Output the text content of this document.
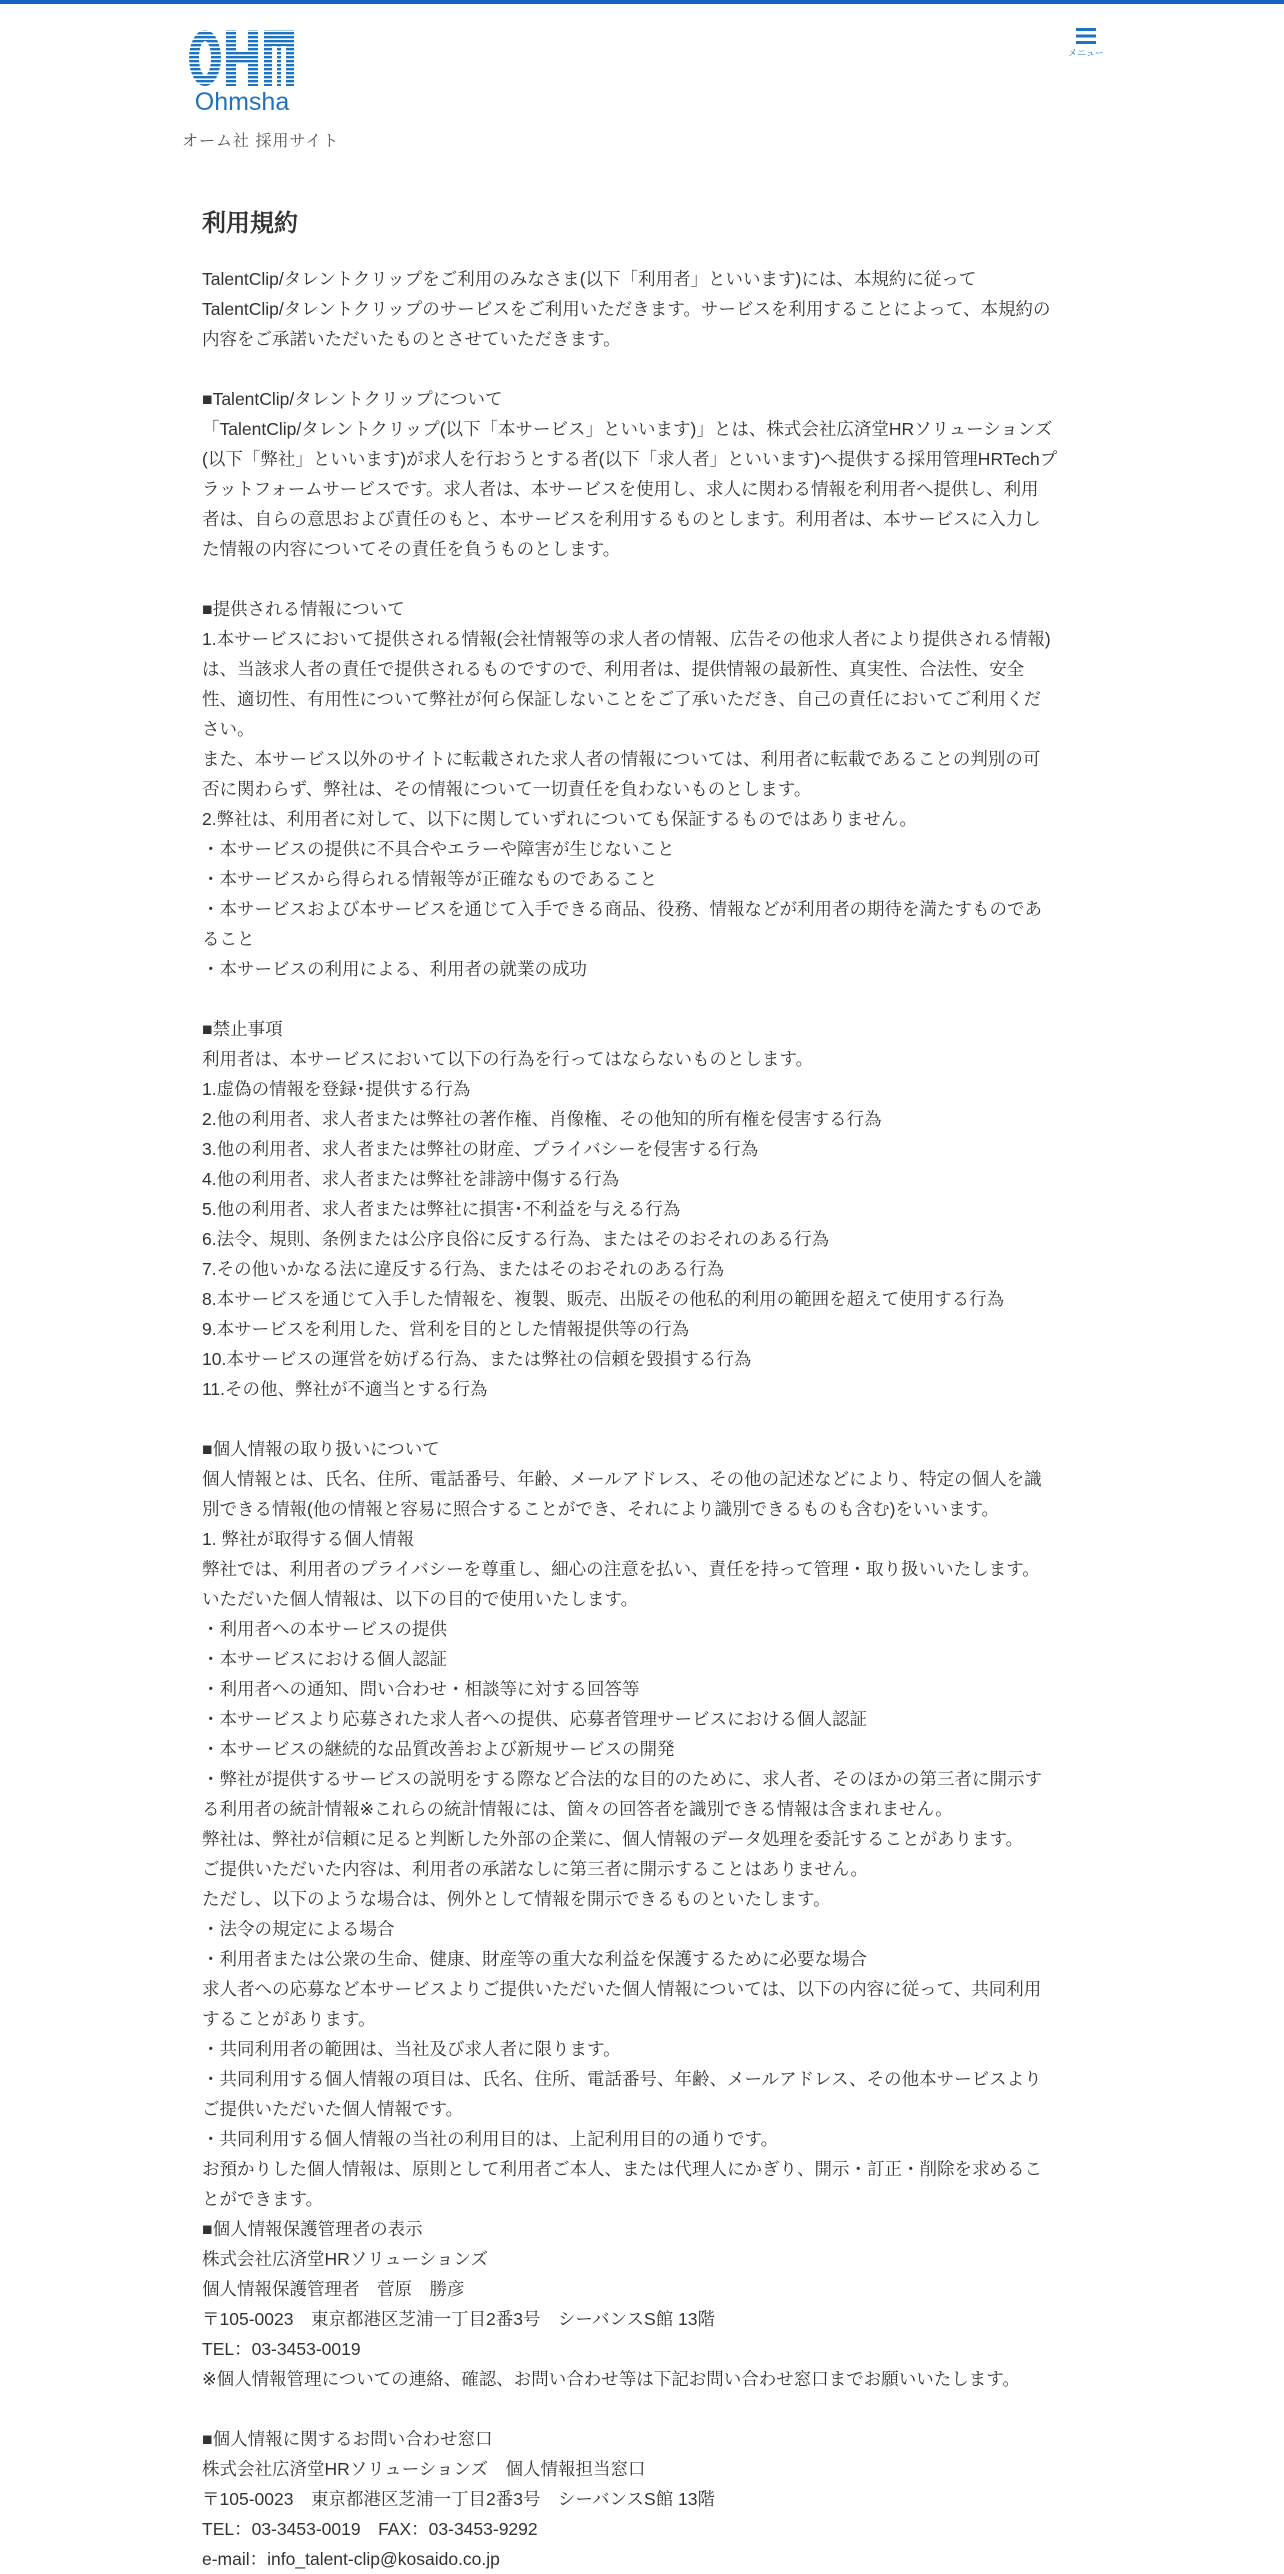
Ohmsha
オーム社 採用サイト
メニュー
利用規約
TalentClip/タレントクリップをご利用のみなさま(以下「利用者」といいます)には、本規約に従って
TalentClip/タレントクリップのサービスをご利用いただきます。サービスを利用することによって、本規約の
内容をご承諾いただいたものとさせていただきます。
■TalentClip/タレントクリップについて
「TalentClip/タレントクリップ(以下「本サービス」といいます)」とは、株式会社広済堂HRソリューションズ
(以下「弊社」といいます)が求人を行おうとする者(以下「求人者」といいます)へ提供する採用管理HRTechプ
ラットフォームサービスです。求人者は、本サービスを使用し、求人に関わる情報を利用者へ提供し、利用
者は、自らの意思および責任のもと、本サービスを利用するものとします。利用者は、本サービスに入力し
た情報の内容についてその責任を負うものとします。
■提供される情報について
1.本サービスにおいて提供される情報(会社情報等の求人者の情報、広告その他求人者により提供される情報)
は、当該求人者の責任で提供されるものですので、利用者は、提供情報の最新性、真実性、合法性、安全
性、適切性、有用性について弊社が何ら保証しないことをご了承いただき、自己の責任においてご利用くだ
さい。
また、本サービス以外のサイトに転載された求人者の情報については、利用者に転載であることの判別の可
否に関わらず、弊社は、その情報について一切責任を負わないものとします。
2.弊社は、利用者に対して、以下に関していずれについても保証するものではありません。
・本サービスの提供に不具合やエラーや障害が生じないこと
・本サービスから得られる情報等が正確なものであること
・本サービスおよび本サービスを通じて入手できる商品、役務、情報などが利用者の期待を満たすものであ
ること
・本サービスの利用による、利用者の就業の成功
■禁止事項
利用者は、本サービスにおいて以下の行為を行ってはならないものとします。
1.虚偽の情報を登録･提供する行為
2.他の利用者、求人者または弊社の著作権、肖像権、その他知的所有権を侵害する行為
3.他の利用者、求人者または弊社の財産、プライバシーを侵害する行為
4.他の利用者、求人者または弊社を誹謗中傷する行為
5.他の利用者、求人者または弊社に損害･不利益を与える行為
6.法令、規則、条例または公序良俗に反する行為、またはそのおそれのある行為
7.その他いかなる法に違反する行為、またはそのおそれのある行為
8.本サービスを通じて入手した情報を、複製、販売、出版その他私的利用の範囲を超えて使用する行為
9.本サービスを利用した、営利を目的とした情報提供等の行為
10.本サービスの運営を妨げる行為、または弊社の信頼を毀損する行為
11.その他、弊社が不適当とする行為
■個人情報の取り扱いについて
個人情報とは、氏名、住所、電話番号、年齢、メールアドレス、その他の記述などにより、特定の個人を識
別できる情報(他の情報と容易に照合することができ、それにより識別できるものも含む)をいいます。
1. 弊社が取得する個人情報
弊社では、利用者のプライバシーを尊重し、細心の注意を払い、責任を持って管理・取り扱いいたします。
いただいた個人情報は、以下の目的で使用いたします。
・利用者への本サービスの提供
・本サービスにおける個人認証
・利用者への通知、問い合わせ・相談等に対する回答等
・本サービスより応募された求人者への提供、応募者管理サービスにおける個人認証
・本サービスの継続的な品質改善および新規サービスの開発
・弊社が提供するサービスの説明をする際など合法的な目的のために、求人者、そのほかの第三者に開示す
る利用者の統計情報※これらの統計情報には、箇々の回答者を識別できる情報は含まれません。
弊社は、弊社が信頼に足ると判断した外部の企業に、個人情報のデータ処理を委託することがあります。
ご提供いただいた内容は、利用者の承諾なしに第三者に開示することはありません。
ただし、以下のような場合は、例外として情報を開示できるものといたします。
・法令の規定による場合
・利用者または公衆の生命、健康、財産等の重大な利益を保護するために必要な場合
求人者への応募など本サービスよりご提供いただいた個人情報については、以下の内容に従って、共同利用
することがあります。
・共同利用者の範囲は、当社及び求人者に限ります。
・共同利用する個人情報の項目は、氏名、住所、電話番号、年齢、メールアドレス、その他本サービスより
ご提供いただいた個人情報です。
・共同利用する個人情報の当社の利用目的は、上記利用目的の通りです。
お預かりした個人情報は、原則として利用者ご本人、または代理人にかぎり、開示・訂正・削除を求めるこ
とができます。
■個人情報保護管理者の表示
株式会社広済堂HRソリューションズ
個人情報保護管理者　菅原　勝彦
〒105-0023　東京都港区芝浦一丁目2番3号　シーバンスS館 13階
TEL：03-3453-0019
※個人情報管理についての連絡、確認、お問い合わせ等は下記お問い合わせ窓口までお願いいたします。
■個人情報に関するお問い合わせ窓口
株式会社広済堂HRソリューションズ　個人情報担当窓口
〒105-0023　東京都港区芝浦一丁目2番3号　シーバンスS館 13階
TEL：03-3453-0019　FAX：03-3453-9292
e-mail：info_talent-clip@kosaido.co.jp
